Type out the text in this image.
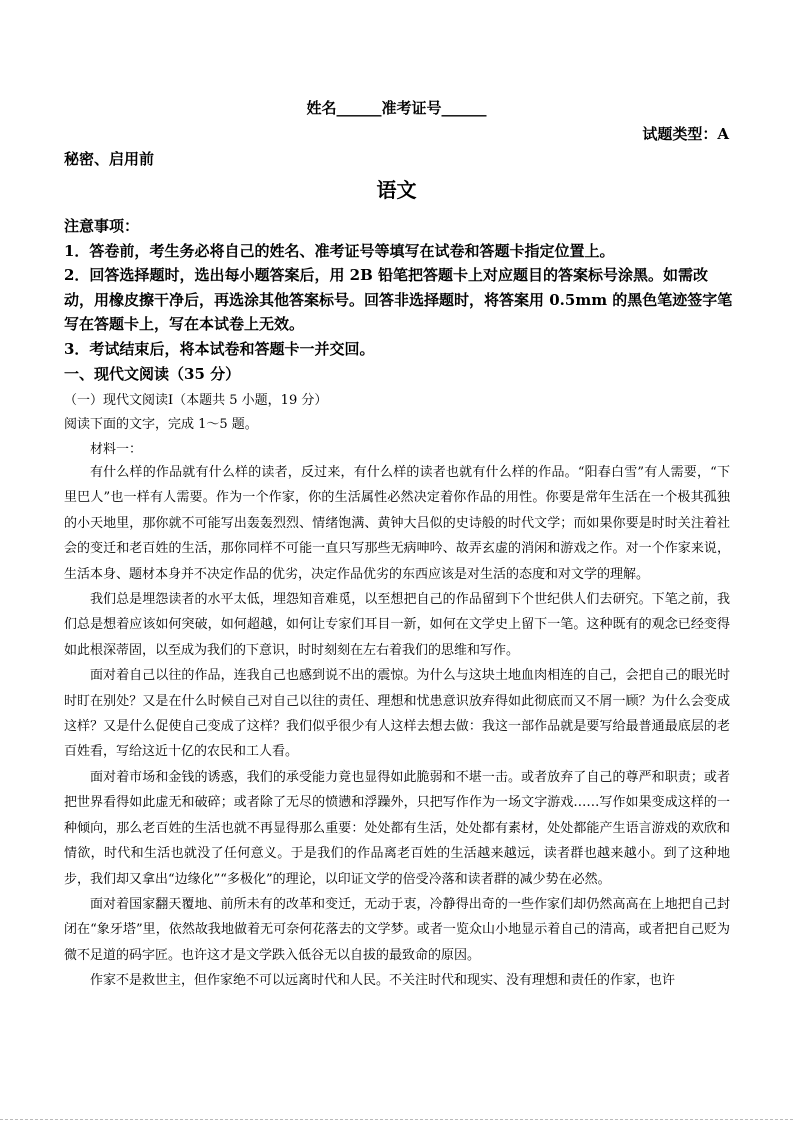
姓名______准考证号______
试题类型：A
秘密、启用前
语文

注意事项：

1．答卷前，考生务必将自己的姓名、准考证号等填写在试卷和答题卡指定位置上。

2．回答选择题时，选出每小题答案后，用 2B 铅笔把答题卡上对应题目的答案标号涂黑。如需改动，用橡皮擦干净后，再选涂其他答案标号。回答非选择题时，将答案用 0.5mm 的黑色笔迹签字笔写在答题卡上，写在本试卷上无效。

3．考试结束后，将本试卷和答题卡一并交回。

一、现代文阅读（35 分）
（一）现代文阅读Ⅰ（本题共 5 小题，19 分）
阅读下面的文字，完成 1～5 题。
材料一：

有什么样的作品就有什么样的读者，反过来，有什么样的读者也就有什么样的作品。“阳春白雪”有人需要，“下里巴人”也一样有人需要。作为一个作家，你的生活属性必然决定着你作品的用性。你要是常年生活在一个极其孤独的小天地里，那你就不可能写出轰轰烈烈、情绪饱满、黄钟大吕似的史诗般的时代文学；而如果你要是时时关注着社会的变迁和老百姓的生活，那你同样不可能一直只写那些无病呻吟、故弄玄虚的消闲和游戏之作。对一个作家来说，生活本身、题材本身并不决定作品的优劣，决定作品优劣的东西应该是对生活的态度和对文学的理解。

我们总是埋怨读者的水平太低，埋怨知音难觅，以至想把自己的作品留到下个世纪供人们去研究。下笔之前，我们总是想着应该如何突破，如何超越，如何让专家们耳目一新，如何在文学史上留下一笔。这种既有的观念已经变得如此根深蒂固，以至成为我们的下意识，时时刻刻在左右着我们的思维和写作。

面对着自己以往的作品，连我自己也感到说不出的震惊。为什么与这块土地血肉相连的自己，会把自己的眼光时时盯在别处？又是在什么时候自己对自己以往的责任、理想和忧患意识放弃得如此彻底而又不屑一顾？为什么会变成这样？又是什么促使自己变成了这样？我们似乎很少有人这样去想去做：我这一部作品就是要写给最普通最底层的老百姓看，写给这近十亿的农民和工人看。

面对着市场和金钱的诱惑，我们的承受能力竟也显得如此脆弱和不堪一击。或者放弃了自己的尊严和职责；或者把世界看得如此虚无和破碎；或者除了无尽的愤懑和浮躁外，只把写作作为一场文字游戏……写作如果变成这样的一种倾向，那么老百姓的生活也就不再显得那么重要：处处都有生活，处处都有素材，处处都能产生语言游戏的欢欣和情欲，时代和生活也就没了任何意义。于是我们的作品离老百姓的生活越来越远，读者群也越来越小。到了这种地步，我们却又拿出“边缘化”“多极化”的理论，以印证文学的倍受冷落和读者群的减少势在必然。

面对着国家翻天覆地、前所未有的改革和变迁，无动于衷，冷静得出奇的一些作家们却仍然高高在上地把自己封闭在“象牙塔”里，依然故我地做着无可奈何花落去的文学梦。或者一览众山小地显示着自己的清高，或者把自己贬为微不足道的码字匠。也许这才是文学跌入低谷无以自拔的最致命的原因。

作家不是救世主，但作家绝不可以远离时代和人民。不关注时代和现实、没有理想和责任的作家，也许
